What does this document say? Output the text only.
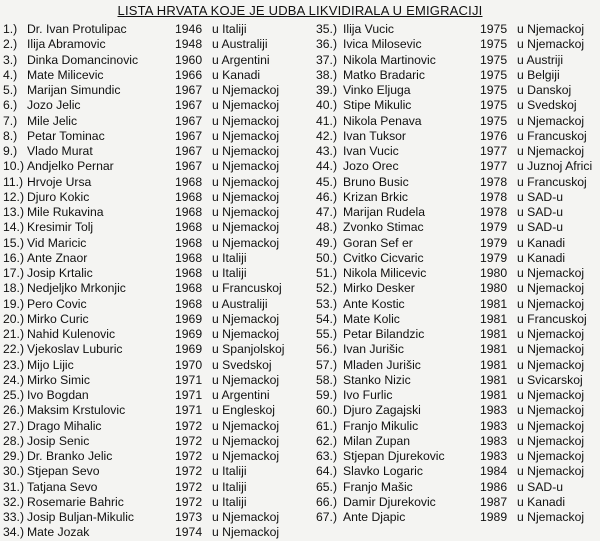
LISTA HRVATA KOJE JE UDBA LIKVIDIRALA U EMIGRACIJI
1.) Dr. Ivan Protulipac	1946 u Italiji
2.) Ilija Abramovic	1948 u Australiji
3.) Dinka Domancinovic	1960 u Argentini
4.) Mate Milicevic	1966 u Kanadi
5.) Marijan Simundic	1967 u Njemackoj
6.) Jozo Jelic	1967 u Njemackoj
7.) Mile Jelic	1967 u Njemackoj
8.) Petar Tominac	1967 u Njemackoj
9.) Vlado Murat	1967 u Njemackoj
10.) Andjelko Pernar	1967 u Njemackoj
11.) Hrvoje Ursa	1968 u Njemackoj
12.) Djuro Kokic	1968 u Njemackoj
13.) Mile Rukavina	1968 u Njemackoj
14.) Kresimir Tolj	1968 u Njemackoj
15.) Vid Maricic	1968 u Njemackoj
16.) Ante Znaor	1968 u Italiji
17.) Josip Krtalic	1968 u Italiji
18.) Nedjeljko Mrkonjic	1968 u Francuskoj
19.) Pero Covic	1968 u Australiji
20.) Mirko Curic	1969 u Njemackoj
21.) Nahid Kulenovic	1969 u Njemackoj
22.) Vjekoslav Luburic	1969 u Spanjolskoj
23.) Mijo Lijic	1970 u Svedskoj
24.) Mirko Simic	1971 u Njemackoj
25.) Ivo Bogdan	1971 u Argentini
26.) Maksim Krstulovic	1971 u Engleskoj
27.) Drago Mihalic	1972 u Njemackoj
28.) Josip Senic	1972 u Njemackoj
29.) Dr. Branko Jelic	1972 u Njemackoj
30.) Stjepan Sevo	1972 u Italiji
31.) Tatjana Sevo	1972 u Italiji
32.) Rosemarie Bahric	1972 u Italiji
33.) Josip Buljan-Mikulic	1973 u Njemackoj
34.) Mate Jozak	1974 u Njemackoj
35.) Ilija Vucic	1975 u Njemackoj
36.) Ivica Milosevic	1975 u Njemackoj
37.) Nikola Martinovic	1975 u Austriji
38.) Matko Bradaric	1975 u Belgiji
39.) Vinko Eljuga	1975 u Danskoj
40.) Stipe Mikulic	1975 u Svedskoj
41.) Nikola Penava	1975 u Njemackoj
42.) Ivan Tuksor	1976 u Francuskoj
43.) Ivan Vucic	1977 u Njemackoj
44.) Jozo Orec	1977 u Juznoj Africi
45.) Bruno Busic	1978 u Francuskoj
46.) Krizan Brkic	1978 u SAD-u
47.) Marijan Rudela	1978 u SAD-u
48.) Zvonko Stimac	1979 u SAD-u
49.) Goran Sef er	1979 u Kanadi
50.) Cvitko Cicvaric	1979 u Kanadi
51.) Nikola Milicevic	1980 u Njemackoj
52.) Mirko Desker	1980 u Njemackoj
53.) Ante Kostic	1981 u Njemackoj
54.) Mate Kolic	1981 u Francuskoj
55.) Petar Bilandzic	1981 u Njemackoj
56.) Ivan Jurišic	1981 u Njemackoj
57.) Mladen Jurišic	1981 u Njemackoj
58.) Stanko Nizic	1981 u Svicarskoj
59.) Ivo Furlic	1981 u Njemackoj
60.) Djuro Zagajski	1983 u Njemackoj
61.) Franjo Mikulic	1983 u Njemackoj
62.) Milan Zupan	1983 u Njemackoj
63.) Stjepan Djurekovic	1983 u Njemackoj
64.) Slavko Logaric	1984 u Njemackoj
65.) Franjo Mašic	1986 u SAD-u
66.) Damir Djurekovic	1987 u Kanadi
67.) Ante Djapic	1989 u Njemackoj
